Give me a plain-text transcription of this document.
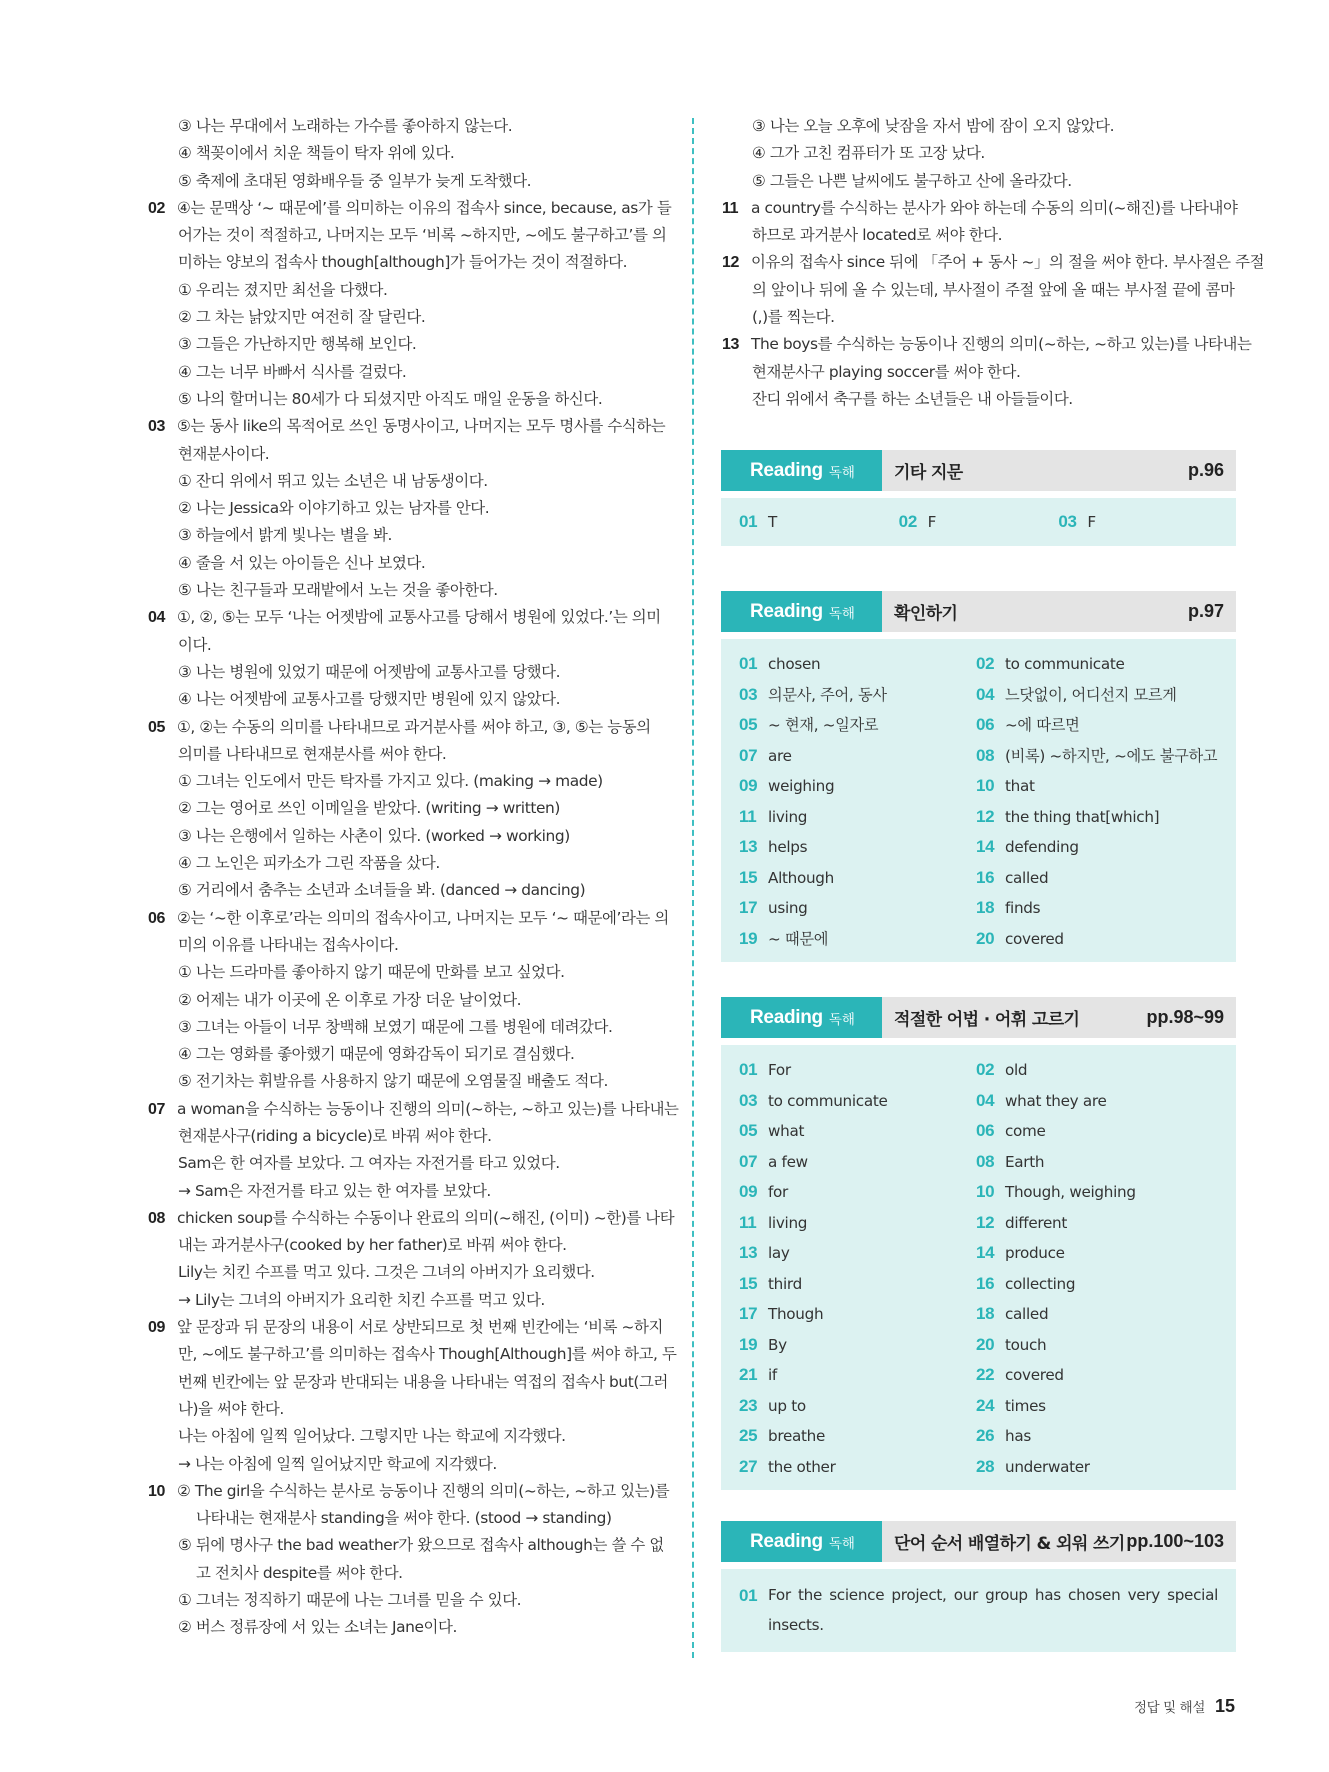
③ 나는 무대에서 노래하는 가수를 좋아하지 않는다.
④ 책꽂이에서 치운 책들이 탁자 위에 있다.
⑤ 축제에 초대된 영화배우들 중 일부가 늦게 도착했다.
02 ④는 문맥상 ‘~ 때문에’를 의미하는 이유의 접속사 since, because, as가 들
어가는 것이 적절하고, 나머지는 모두 ‘비록 ~하지만, ~에도 불구하고’를 의
미하는 양보의 접속사 though[although]가 들어가는 것이 적절하다.
① 우리는 졌지만 최선을 다했다.
② 그 차는 낡았지만 여전히 잘 달린다.
③ 그들은 가난하지만 행복해 보인다.
④ 그는 너무 바빠서 식사를 걸렀다.
⑤ 나의 할머니는 80세가 다 되셨지만 아직도 매일 운동을 하신다.
03 ⑤는 동사 like의 목적어로 쓰인 동명사이고, 나머지는 모두 명사를 수식하는
현재분사이다.
① 잔디 위에서 뛰고 있는 소년은 내 남동생이다.
② 나는 Jessica와 이야기하고 있는 남자를 안다.
③ 하늘에서 밝게 빛나는 별을 봐.
④ 줄을 서 있는 아이들은 신나 보였다.
⑤ 나는 친구들과 모래밭에서 노는 것을 좋아한다.
04 ①, ②, ⑤는 모두 ‘나는 어젯밤에 교통사고를 당해서 병원에 있었다.’는 의미
이다.
③ 나는 병원에 있었기 때문에 어젯밤에 교통사고를 당했다.
④ 나는 어젯밤에 교통사고를 당했지만 병원에 있지 않았다.
05 ①, ②는 수동의 의미를 나타내므로 과거분사를 써야 하고, ③, ⑤는 능동의
의미를 나타내므로 현재분사를 써야 한다.
① 그녀는 인도에서 만든 탁자를 가지고 있다. (making → made)
② 그는 영어로 쓰인 이메일을 받았다. (writing → written)
③ 나는 은행에서 일하는 사촌이 있다. (worked → working)
④ 그 노인은 피카소가 그린 작품을 샀다.
⑤ 거리에서 춤추는 소년과 소녀들을 봐. (danced → dancing)
06 ②는 ‘~한 이후로’라는 의미의 접속사이고, 나머지는 모두 ‘~ 때문에’라는 의
미의 이유를 나타내는 접속사이다.
① 나는 드라마를 좋아하지 않기 때문에 만화를 보고 싶었다.
② 어제는 내가 이곳에 온 이후로 가장 더운 날이었다.
③ 그녀는 아들이 너무 창백해 보였기 때문에 그를 병원에 데려갔다.
④ 그는 영화를 좋아했기 때문에 영화감독이 되기로 결심했다.
⑤ 전기차는 휘발유를 사용하지 않기 때문에 오염물질 배출도 적다.
07 a woman을 수식하는 능동이나 진행의 의미(~하는, ~하고 있는)를 나타내는
현재분사구(riding a bicycle)로 바꿔 써야 한다.
Sam은 한 여자를 보았다. 그 여자는 자전거를 타고 있었다.
→ Sam은 자전거를 타고 있는 한 여자를 보았다.
08 chicken soup를 수식하는 수동이나 완료의 의미(~해진, (이미) ~한)를 나타
내는 과거분사구(cooked by her father)로 바꿔 써야 한다.
Lily는 치킨 수프를 먹고 있다. 그것은 그녀의 아버지가 요리했다.
→ Lily는 그녀의 아버지가 요리한 치킨 수프를 먹고 있다.
09 앞 문장과 뒤 문장의 내용이 서로 상반되므로 첫 번째 빈칸에는 ‘비록 ~하지
만, ~에도 불구하고’를 의미하는 접속사 Though[Although]를 써야 하고, 두
번째 빈칸에는 앞 문장과 반대되는 내용을 나타내는 역접의 접속사 but(그러
나)을 써야 한다.
나는 아침에 일찍 일어났다. 그렇지만 나는 학교에 지각했다.
→ 나는 아침에 일찍 일어났지만 학교에 지각했다.
10 ② The girl을 수식하는 분사로 능동이나 진행의 의미(~하는, ~하고 있는)를
나타내는 현재분사 standing을 써야 한다. (stood → standing)
⑤ 뒤에 명사구 the bad weather가 왔으므로 접속사 although는 쓸 수 없
고 전치사 despite를 써야 한다.
① 그녀는 정직하기 때문에 나는 그녀를 믿을 수 있다.
② 버스 정류장에 서 있는 소녀는 Jane이다.
③ 나는 오늘 오후에 낮잠을 자서 밤에 잠이 오지 않았다.
④ 그가 고친 컴퓨터가 또 고장 났다.
⑤ 그들은 나쁜 날씨에도 불구하고 산에 올라갔다.
11 a country를 수식하는 분사가 와야 하는데 수동의 의미(~해진)를 나타내야
하므로 과거분사 located로 써야 한다.
12 이유의 접속사 since 뒤에 「주어 + 동사 ~」의 절을 써야 한다. 부사절은 주절
의 앞이나 뒤에 올 수 있는데, 부사절이 주절 앞에 올 때는 부사절 끝에 콤마
(,)를 찍는다.
13 The boys를 수식하는 능동이나 진행의 의미(~하는, ~하고 있는)를 나타내는
현재분사구 playing soccer를 써야 한다.
잔디 위에서 축구를 하는 소년들은 내 아들들이다.
Reading 독해 기타 지문	p.96
01 T	02 F	03 F
Reading 독해 확인하기	p.97
01 chosen	02 to communicate
03 의문사, 주어, 동사	04 느닷없이, 어디선지 모르게
05 ~ 현재, ~일자로	06 ~에 따르면
07 are	08 (비록) ~하지만, ~에도 불구하고
09 weighing	10 that
11 living	12 the thing that[which]
13 helps	14 defending
15 Although	16 called
17 using	18 finds
19 ~ 때문에	20 covered
Reading 독해 적절한 어법 · 어휘 고르기	pp.98~99
01 For	02 old
03 to communicate	04 what they are
05 what	06 come
07 a few	08 Earth
09 for	10 Though, weighing
11 living	12 different
13 lay	14 produce
15 third	16 collecting
17 Though	18 called
19 By	20 touch
21 if	22 covered
23 up to	24 times
25 breathe	26 has
27 the other	28 underwater
Reading 독해 단어 순서 배열하기 & 외워 쓰기 pp.100~103
01 For the science project, our group has chosen very special insects.
정답 및 해설 15
